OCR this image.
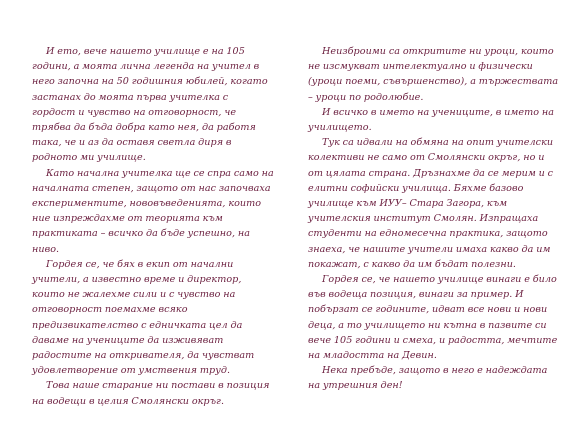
И ето, вече нашето училище е на 105 години, а моята лична легенда на учител в него започна на 50 годишния юбилей, когато застанах до моята първа учителка с гордост и чувство на отговорност, че трябва да бъда добра като нея, да работя така, че и аз да оставя светла диря в родното ми училище.

Като начална учителка ще се спра само на началната степен, защото от нас започваха експериментите, нововъведенията, които ние изпреждахме от теорията към практиката – всичко да бъде успешно, на ниво.

Гордея се, че бях в екип от начални учители, а известно време и директор, които не жалехме сили и с чувство на отговорност поемахме всяко предизвикателство с едничката цел да даваме на учениците да изживяват радостите на откривателя, да чувстват удовлетворение от умствения труд.

Това наше старание ни постави в позиция на водещи в целия Смолянски окръг.

Неизброими са откритите ни уроци, които не изсмукват интелектуално и физически (уроци поеми, съвършенство), а тържествата – уроци по родолюбие.

И всичко в името на учениците, в името на училището.

Тук са идвали на обмяна на опит учителски колективи не само от Смолянски окръг, но и от цялата страна. Дръзнахме да се мерим и с елитни софийски училища. Бяхме базово училище към ИУУ– Стара Загора, към учителския институт Смолян. Изпращаха студенти на едномесечна практика, защото знаеха, че нашите учители имаха какво да им покажат, с какво да им бъдат полезни.

Гордея се, че нашето училище винаги е било във водеща позиция, винаги за пример. И побързат се годините, идват все нови и нови деца, а то училището ни кътна в пазвите си вече 105 години и смеха, и радостта, мечтите на младостта на Девин.

Нека пребъде, защото в него е надеждата на утрешния ден!
